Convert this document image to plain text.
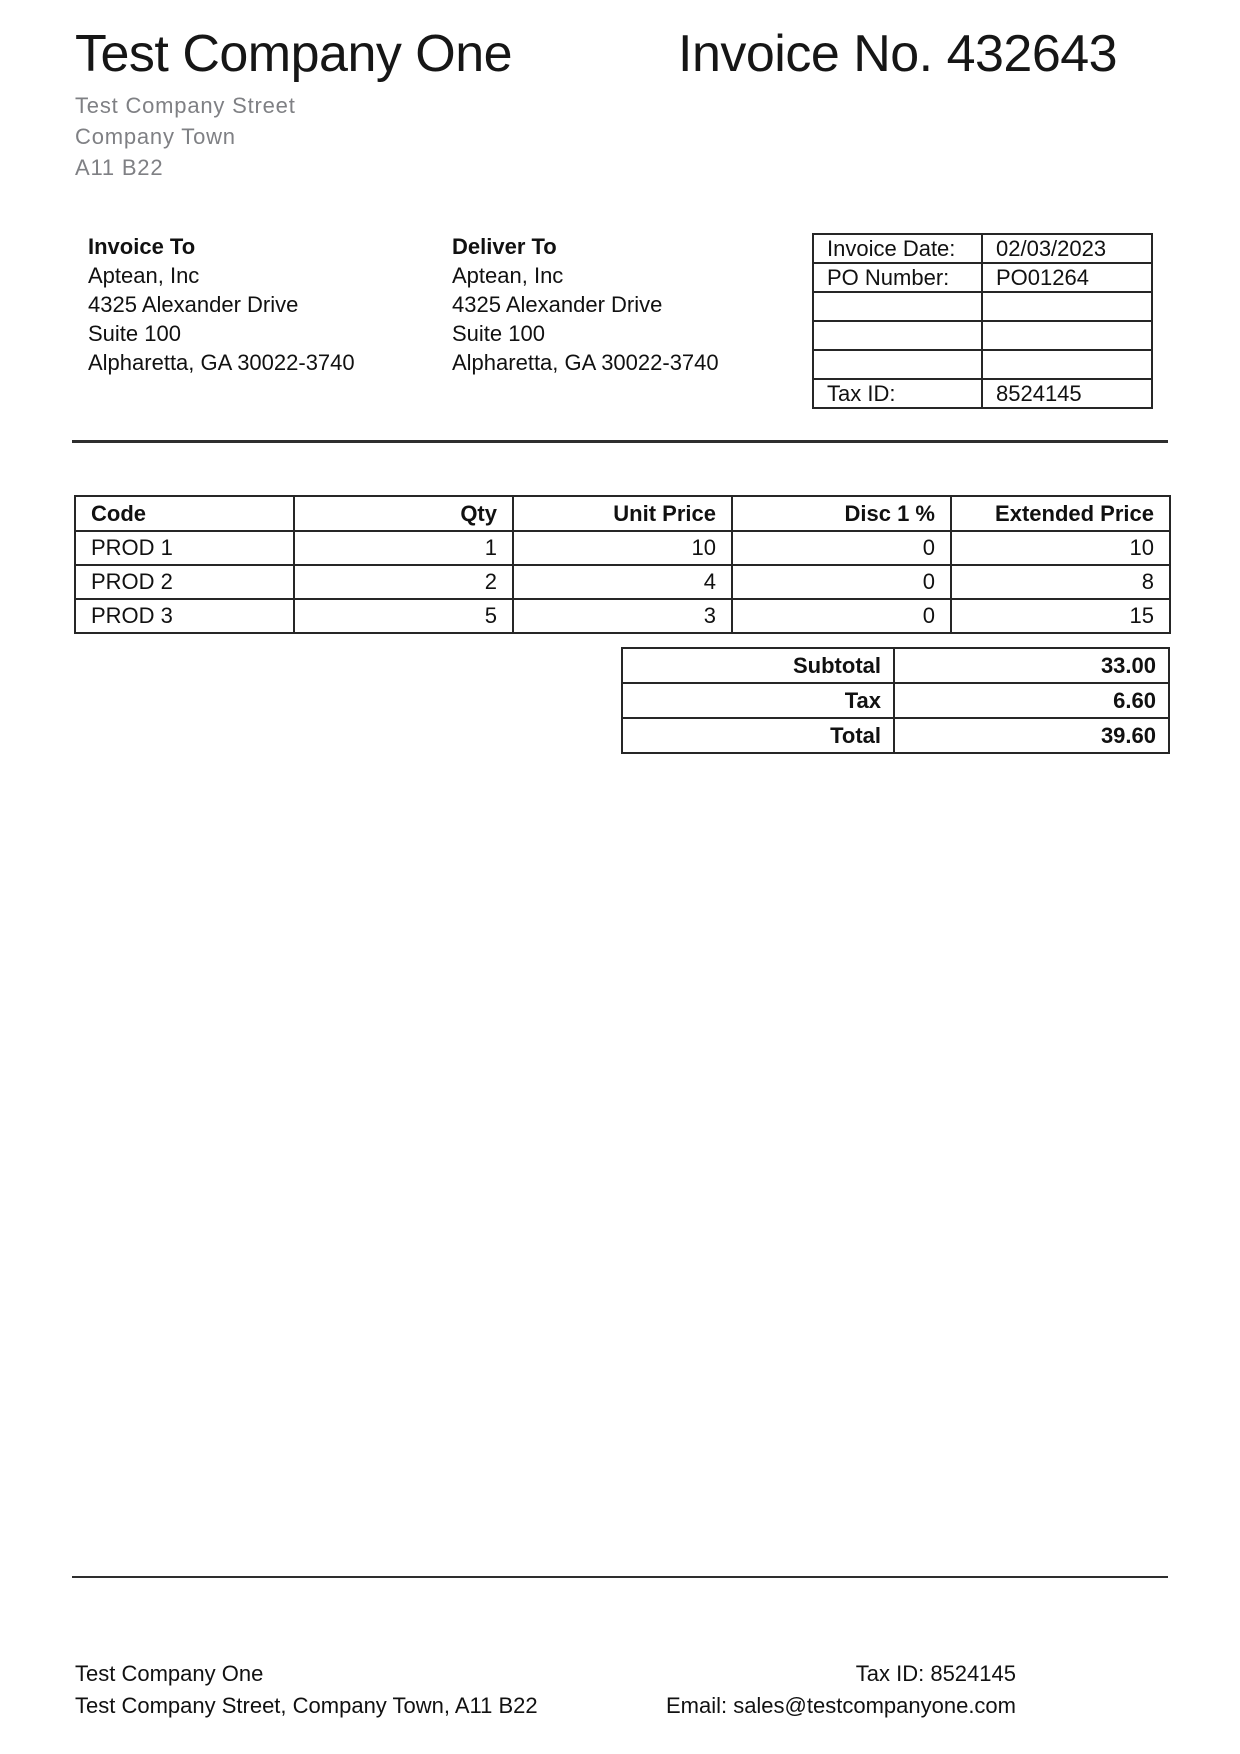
Test Company One	Invoice No. 432643
Test Company Street
Company Town
A11 B22
Invoice To
Aptean, Inc
4325 Alexander Drive
Suite 100
Alpharetta, GA 30022-3740
Deliver To
Aptean, Inc
4325 Alexander Drive
Suite 100
Alpharetta, GA 30022-3740
Invoice Date:	02/03/2023
PO Number:	PO01264

Tax ID:	8524145
Code	Qty	Unit Price	Disc 1 %	Extended Price
PROD 1	1	10	0	10
PROD 2	2	4	0	8
PROD 3	5	3	0	15
Subtotal	33.00
Tax	6.60
Total	39.60
Test Company One
Test Company Street, Company Town, A11 B22
Tax ID: 8524145
Email: sales@testcompanyone.com
